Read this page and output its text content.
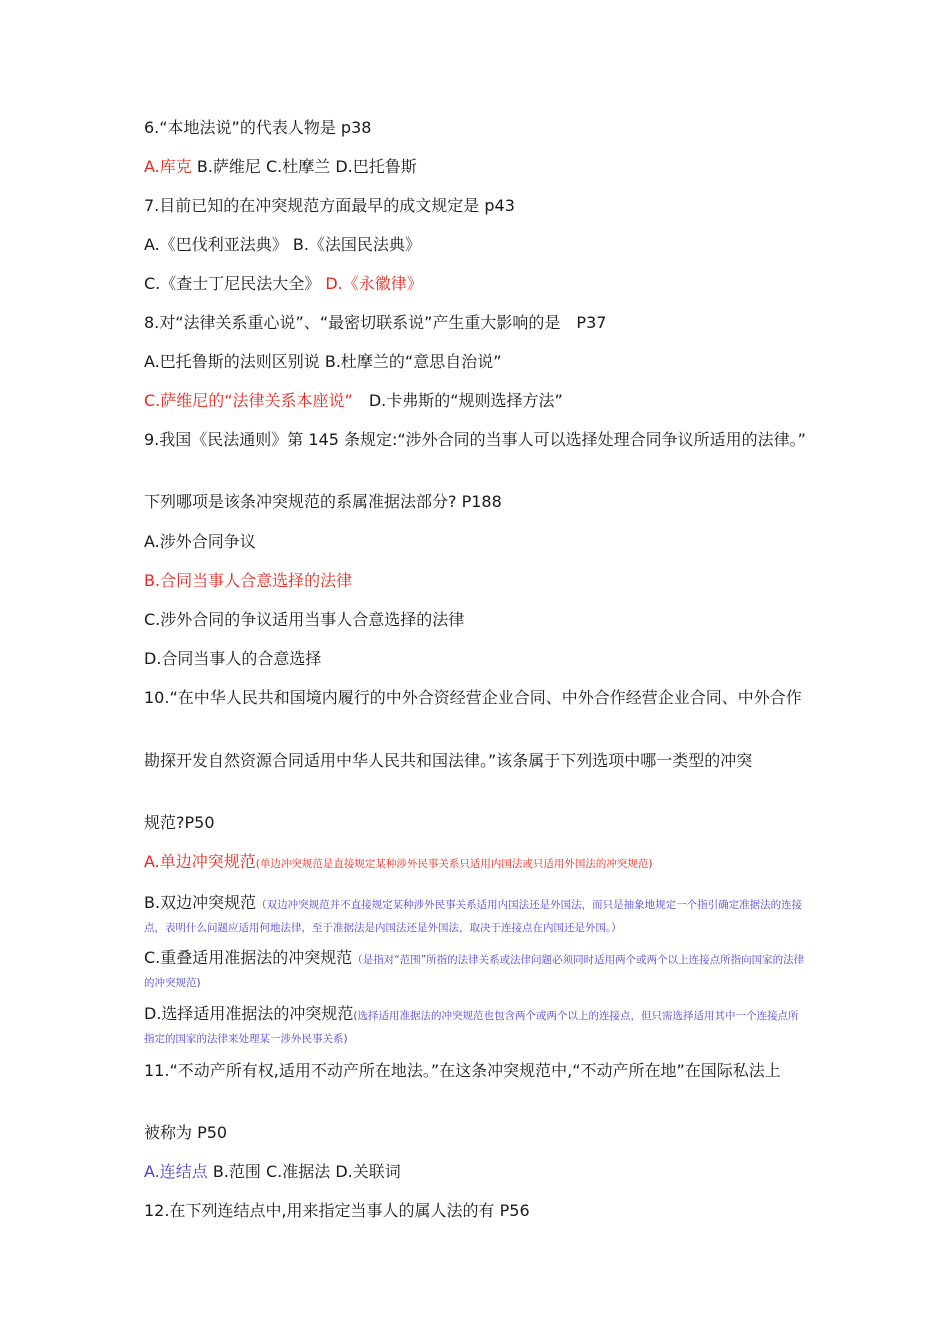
6.“本地法说”的代表人物是 p38
A.库克 B.萨维尼 C.杜摩兰 D.巴托鲁斯
7.目前已知的在冲突规范方面最早的成文规定是 p43
A.《巴伐利亚法典》 B.《法国民法典》
C.《查士丁尼民法大全》 D.《永徽律》
8.对“法律关系重心说”、“最密切联系说”产生重大影响的是　P37
A.巴托鲁斯的法则区别说 B.杜摩兰的“意思自治说”
C.萨维尼的“法律关系本座说”　D.卡弗斯的“规则选择方法”
9.我国《民法通则》第 145 条规定:“涉外合同的当事人可以选择处理合同争议所适用的法律。”
下列哪项是该条冲突规范的系属准据法部分? P188
A.涉外合同争议
B.合同当事人合意选择的法律
C.涉外合同的争议适用当事人合意选择的法律
D.合同当事人的合意选择
10.“在中华人民共和国境内履行的中外合资经营企业合同、中外合作经营企业合同、中外合作
勘探开发自然资源合同适用中华人民共和国法律。”该条属于下列选项中哪一类型的冲突
规范?P50
A.单边冲突规范(单边冲突规范是直接规定某种涉外民事关系只适用内国法或只适用外国法的冲突规范)
B.双边冲突规范（双边冲突规范并不直接规定某种涉外民事关系适用内国法还是外国法，而只是抽象地规定一个指引确定准据法的连接点，表明什么问题应适用何地法律，至于准据法是内国法还是外国法，取决于连接点在内国还是外国。）
C.重叠适用准据法的冲突规范（是指对“范围”所指的法律关系或法律问题必须同时适用两个或两个以上连接点所指向国家的法律的冲突规范)
D.选择适用准据法的冲突规范(选择适用准据法的冲突规范也包含两个或两个以上的连接点，但只需选择适用其中一个连接点所指定的国家的法律来处理某一涉外民事关系)
11.“不动产所有权,适用不动产所在地法。”在这条冲突规范中,“不动产所在地”在国际私法上
被称为 P50
A.连结点 B.范围 C.准据法 D.关联词
12.在下列连结点中,用来指定当事人的属人法的有 P56
